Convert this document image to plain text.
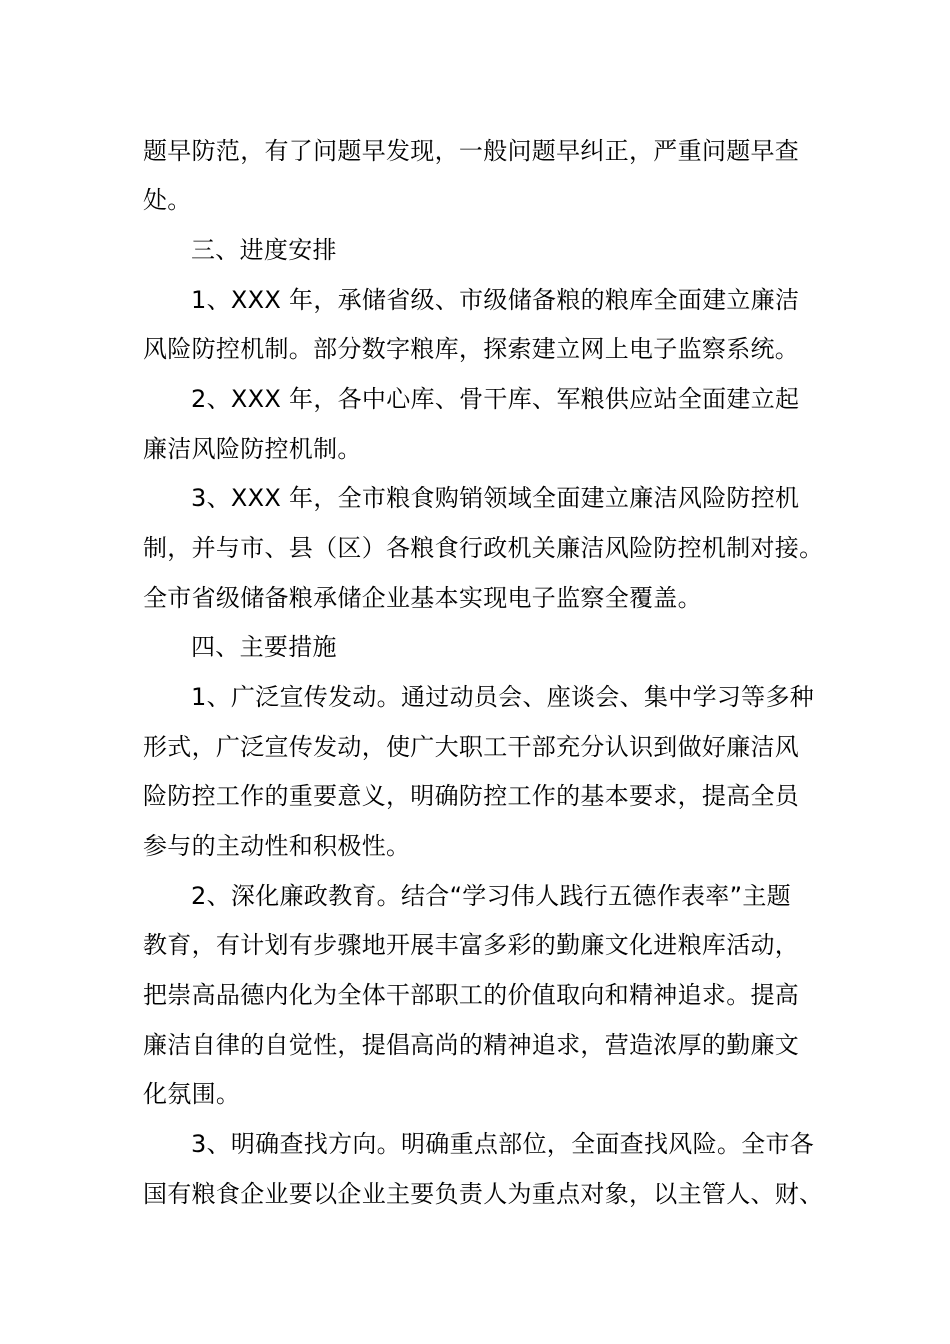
题早防范，有了问题早发现，一般问题早纠正，严重问题早查
处。
三、进度安排
1、XXX 年，承储省级、市级储备粮的粮库全面建立廉洁
风险防控机制。部分数字粮库，探索建立网上电子监察系统。
2、XXX 年，各中心库、骨干库、军粮供应站全面建立起
廉洁风险防控机制。
3、XXX 年，全市粮食购销领域全面建立廉洁风险防控机
制，并与市、县（区）各粮食行政机关廉洁风险防控机制对接。
全市省级储备粮承储企业基本实现电子监察全覆盖。
四、主要措施
1、广泛宣传发动。通过动员会、座谈会、集中学习等多种
形式，广泛宣传发动，使广大职工干部充分认识到做好廉洁风
险防控工作的重要意义，明确防控工作的基本要求，提高全员
参与的主动性和积极性。
2、深化廉政教育。结合“学习伟人践行五德作表率”主题
教育，有计划有步骤地开展丰富多彩的勤廉文化进粮库活动，
把崇高品德内化为全体干部职工的价值取向和精神追求。提高
廉洁自律的自觉性，提倡高尚的精神追求，营造浓厚的勤廉文
化氛围。
3、明确查找方向。明确重点部位，全面查找风险。全市各
国有粮食企业要以企业主要负责人为重点对象，以主管人、财、
